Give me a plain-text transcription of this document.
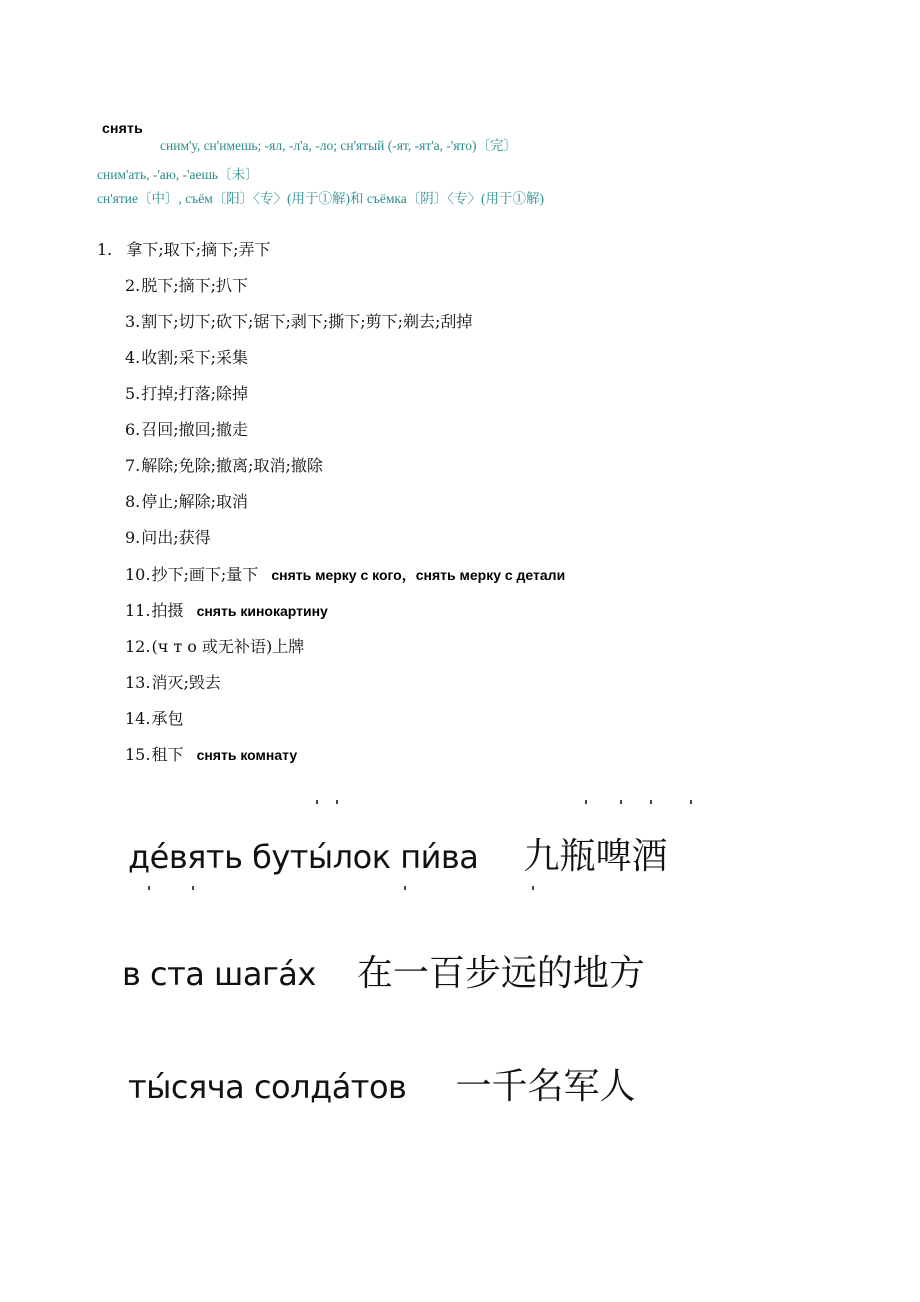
снять
сним'у, сн'имешь; -ял, -л'а, -ло; сн'ятый (-ят, -ят'а, -'ято)〔完〕
сним'ать, -'аю, -'аешь〔未〕
сн'ятие〔中〕, съём〔阳〕〈专〉(用于①解)和 съёмка〔阴〕〈专〉(用于①解)
1. 拿下;取下;摘下;弄下
2.脱下;摘下;扒下
3.割下;切下;砍下;锯下;剥下;撕下;剪下;剃去;刮掉
4.收割;采下;采集
5.打掉;打落;除掉
6.召回;撤回;撤走
7.解除;免除;撤离;取消;撤除
8.停止;解除;取消
9.问出;获得
10.抄下;画下;量下 снять мерку с кого，снять мерку с детали
11.拍摄 снять кинокартину
12.(ч т о 或无补语)上牌
13.消灭;毁去
14.承包
15.租下 снять комнату
де́вять буты́лок пи́ва 九瓶啤酒
в ста шага́х 在一百步远的地方
ты́сяча солда́тов 一千名军人
